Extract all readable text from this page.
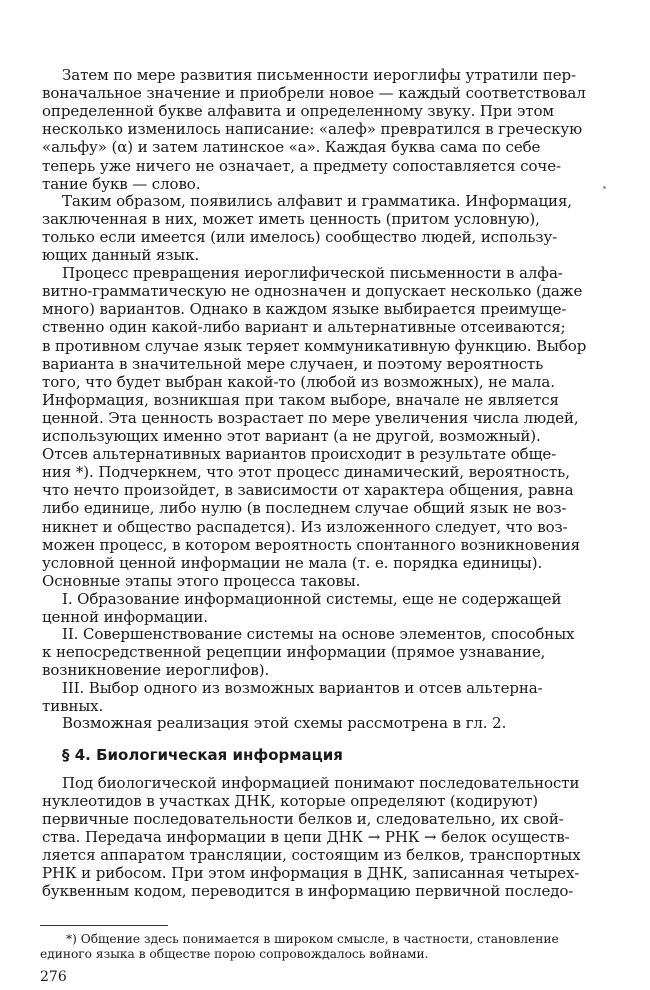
Затем по мере развития письменности иероглифы утратили пер-
воначальное значение и приобрели новое — каждый соответствовал
определенной букве алфавита и определенному звуку. При этом
несколько изменилось написание: «алеф» превратился в греческую
«альфу» (α) и затем латинское «а». Каждая буква сама по себе
теперь уже ничего не означает, а предмету сопоставляется соче-
тание букв — слово.
Таким образом, появились алфавит и грамматика. Информация,
заключенная в них, может иметь ценность (притом условную),
только если имеется (или имелось) сообщество людей, использу-
ющих данный язык.
Процесс превращения иероглифической письменности в алфа-
витно-грамматическую не однозначен и допускает несколько (даже
много) вариантов. Однако в каждом языке выбирается преимуще-
ственно один какой-либо вариант и альтернативные отсеиваются;
в противном случае язык теряет коммуникативную функцию. Выбор
варианта в значительной мере случаен, и поэтому вероятность
того, что будет выбран какой-то (любой из возможных), не мала.
Информация, возникшая при таком выборе, вначале не является
ценной. Эта ценность возрастает по мере увеличения числа людей,
использующих именно этот вариант (а не другой, возможный).
Отсев альтернативных вариантов происходит в результате обще-
ния *). Подчеркнем, что этот процесс динамический, вероятность,
что нечто произойдет, в зависимости от характера общения, равна
либо единице, либо нулю (в последнем случае общий язык не воз-
никнет и общество распадется). Из изложенного следует, что воз-
можен процесс, в котором вероятность спонтанного возникновения
условной ценной информации не мала (т. е. порядка единицы).
Основные этапы этого процесса таковы.
I. Образование информационной системы, еще не содержащей
ценной информации.
II. Совершенствование системы на основе элементов, способных
к непосредственной рецепции информации (прямое узнавание,
возникновение иероглифов).
III. Выбор одного из возможных вариантов и отсев альтерна-
тивных.
Возможная реализация этой схемы рассмотрена в гл. 2.
§ 4. Биологическая информация
Под биологической информацией понимают последовательности
нуклеотидов в участках ДНК, которые определяют (кодируют)
первичные последовательности белков и, следовательно, их свой-
ства. Передача информации в цепи ДНК → РНК → белок осуществ-
ляется аппаратом трансляции, состоящим из белков, транспортных
РНК и рибосом. При этом информация в ДНК, записанная четырех-
буквенным кодом, переводится в информацию первичной последо-
*) Общение здесь понимается в широком смысле, в частности, становление
единого языка в обществе порою сопровождалось войнами.
276
